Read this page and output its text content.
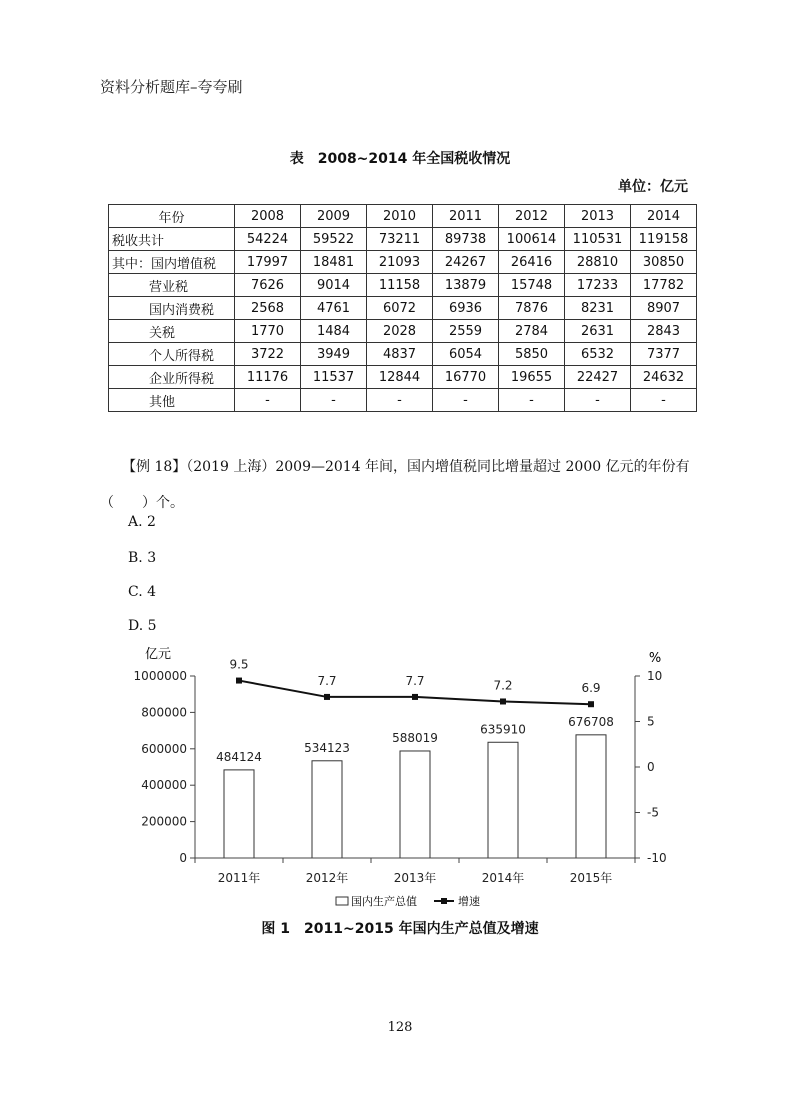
资料分析题库–夸夸刷
表　2008~2014 年全国税收情况
单位：亿元
年份	2008	2009	2010	2011	2012	2013	2014
税收共计	54224	59522	73211	89738	100614	110531	119158
其中：国内增值税	17997	18481	21093	24267	26416	28810	30850
营业税	7626	9014	11158	13879	15748	17233	17782
国内消费税	2568	4761	6072	6936	7876	8231	8907
关税	1770	1484	2028	2559	2784	2631	2843
个人所得税	3722	3949	4837	6054	5850	6532	7377
企业所得税	11176	11537	12844	16770	19655	22427	24632
其他	-	-	-	-	-	-	-
【例 18】（2019 上海）2009—2014 年间，国内增值税同比增量超过 2000 亿元的年份有
（　　）个。
A. 2
B. 3
C. 4
D. 5
亿元	%
484124
534123
588019
635910
676708
9.5
7.7	7.7	7.2	6.9
0
200000
400000
600000
800000
1000000
-10
-5
0
5
10
2011年	2012年	2013年	2014年	2015年
国内生产总值	增速
图 1　2011~2015 年国内生产总值及增速
128
